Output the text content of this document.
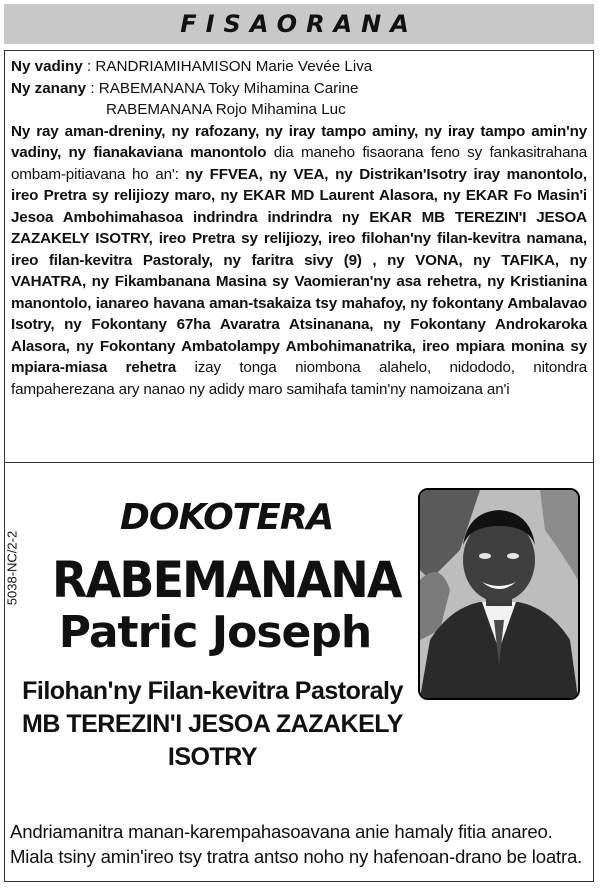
FISAORANA
Ny vadiny : RANDRIAMIHAMISON Marie Vevée Liva
Ny zanany : RABEMANANA Toky Mihamina Carine
RABEMANANA Rojo Mihamina Luc
Ny ray aman-dreniny, ny rafozany, ny iray tampo aminy, ny iray tampo amin'ny vadiny, ny fianakaviana manontolo dia maneho fisaorana feno sy fankasitrahana ombam-pitiavana ho an': ny FFVEA, ny VEA, ny Distrikan'Isotry iray manontolo, ireo Pretra sy relijiozy maro, ny EKAR MD Laurent Alasora, ny EKAR Fo Masin'i Jesoa Ambohimahasoa indrindra indrindra ny EKAR MB TEREZIN'I JESOA ZAZAKELY ISOTRY, ireo Pretra sy relijiozy, ireo filohan'ny filan-kevitra namana, ireo filan-kevitra Pastoraly, ny faritra sivy (9) , ny VONA, ny TAFIKA, ny VAHATRA, ny Fikambanana Masina sy Vaomieran'ny asa rehetra, ny Kristianina manontolo, ianareo havana aman-tsakaiza tsy mahafoy, ny fokontany Ambalavao Isotry, ny Fokontany 67ha Avaratra Atsinanana, ny Fokontany Androkaroka Alasora, ny Fokontany Ambatolampy Ambohimanatrika, ireo mpiara monina sy mpiara-miasa rehetra izay tonga niombona alahelo, nidododo, nitondra fampaherezana ary nanao ny adidy maro samihafa tamin'ny namoizana an'i
5038-NC/2-2
DOKOTERA
RABEMANANA
Patric Joseph
Filohan'ny Filan-kevitra Pastoraly
MB TEREZIN'I JESOA ZAZAKELY
ISOTRY
Andriamanitra manan-karempahasoavana anie hamaly fitia anareo.
Miala tsiny amin'ireo tsy tratra antso noho ny hafenoan-drano be loatra.
